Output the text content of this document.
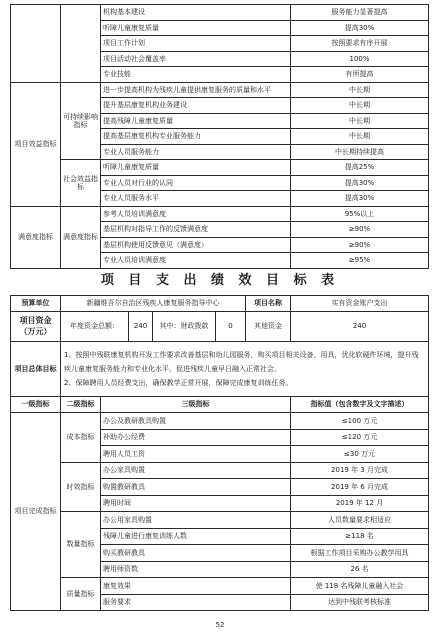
		机构基本建设	服务能力显著提高
		听障儿童康复质量	提高30%
		项目工作计划	按照要求有序开展
		项目活动社会覆盖率	100%
		专业技能	有所提高
项目效益指标	可持续影响指标	进一步提高机构为残疾儿童提供康复服务的质量和水平	中长期
		提升基层康复机构业务建设	中长期
		提高残障儿童康复质量	中长期
		提高基层康复机构专业服务能力	中长期
		专业人员服务能力	中长期持续提高
	社会效益指标	听障儿童康复质量	提高25%
		专业人员对行业的认同	提高30%
		专业人员服务水平	提高30%
满意度指标	满意度指标	参考人员培训满意度	95%以上
		基层机构对指导工作的反馈满意度	≥90%
		基层机构使用反馈意见（满意度）	≥90%
		专业人员培训满意度	≥95%
项 目 支 出 绩 效 目 标 表
预算单位	新疆维吾尔自治区残疾人康复服务指导中心					项目名称	实有资金账户支出
项目资金（万元）	年度资金总额：		240	其中：财政拨款	0	其他资金	240
项目总体目标	1、按照中残联康复机构开发工作要求改善基层和幼儿园服务，购买项目相关设备、用具，优化软硬件环境，提升残疾儿童康复服务能力和专业化水平，促进残疾儿童早日融入正常社会。
2、保障聘用人员经费支出，确保教学正常开展，保障完成康复训练任务。						

一级指标	二级指标	三级指标					指标值（包含数字及文字描述）
项目完成指标	成本指标	办公及教研教具购置					≤100 万元
		补助办公经费					≤120 万元
		聘用人员工资					≤30 万元
	时效指标	办公家具购置					2019 年 3 月完成
		购置教研教具					2019 年 6 月完成
		聘用时间					2019 年 12 月
	数量指标	办公用家具购置					人员数量要求相适应
		残障儿童进行康复训练人数					≥118 名
		购买教研教具					根据工作项目采购办公教学用具
		聘用师资数					26 名
	质量指标	康复效果					使 118 名残障儿童融入社会
		服务要求					达到中残联考核标准
52
